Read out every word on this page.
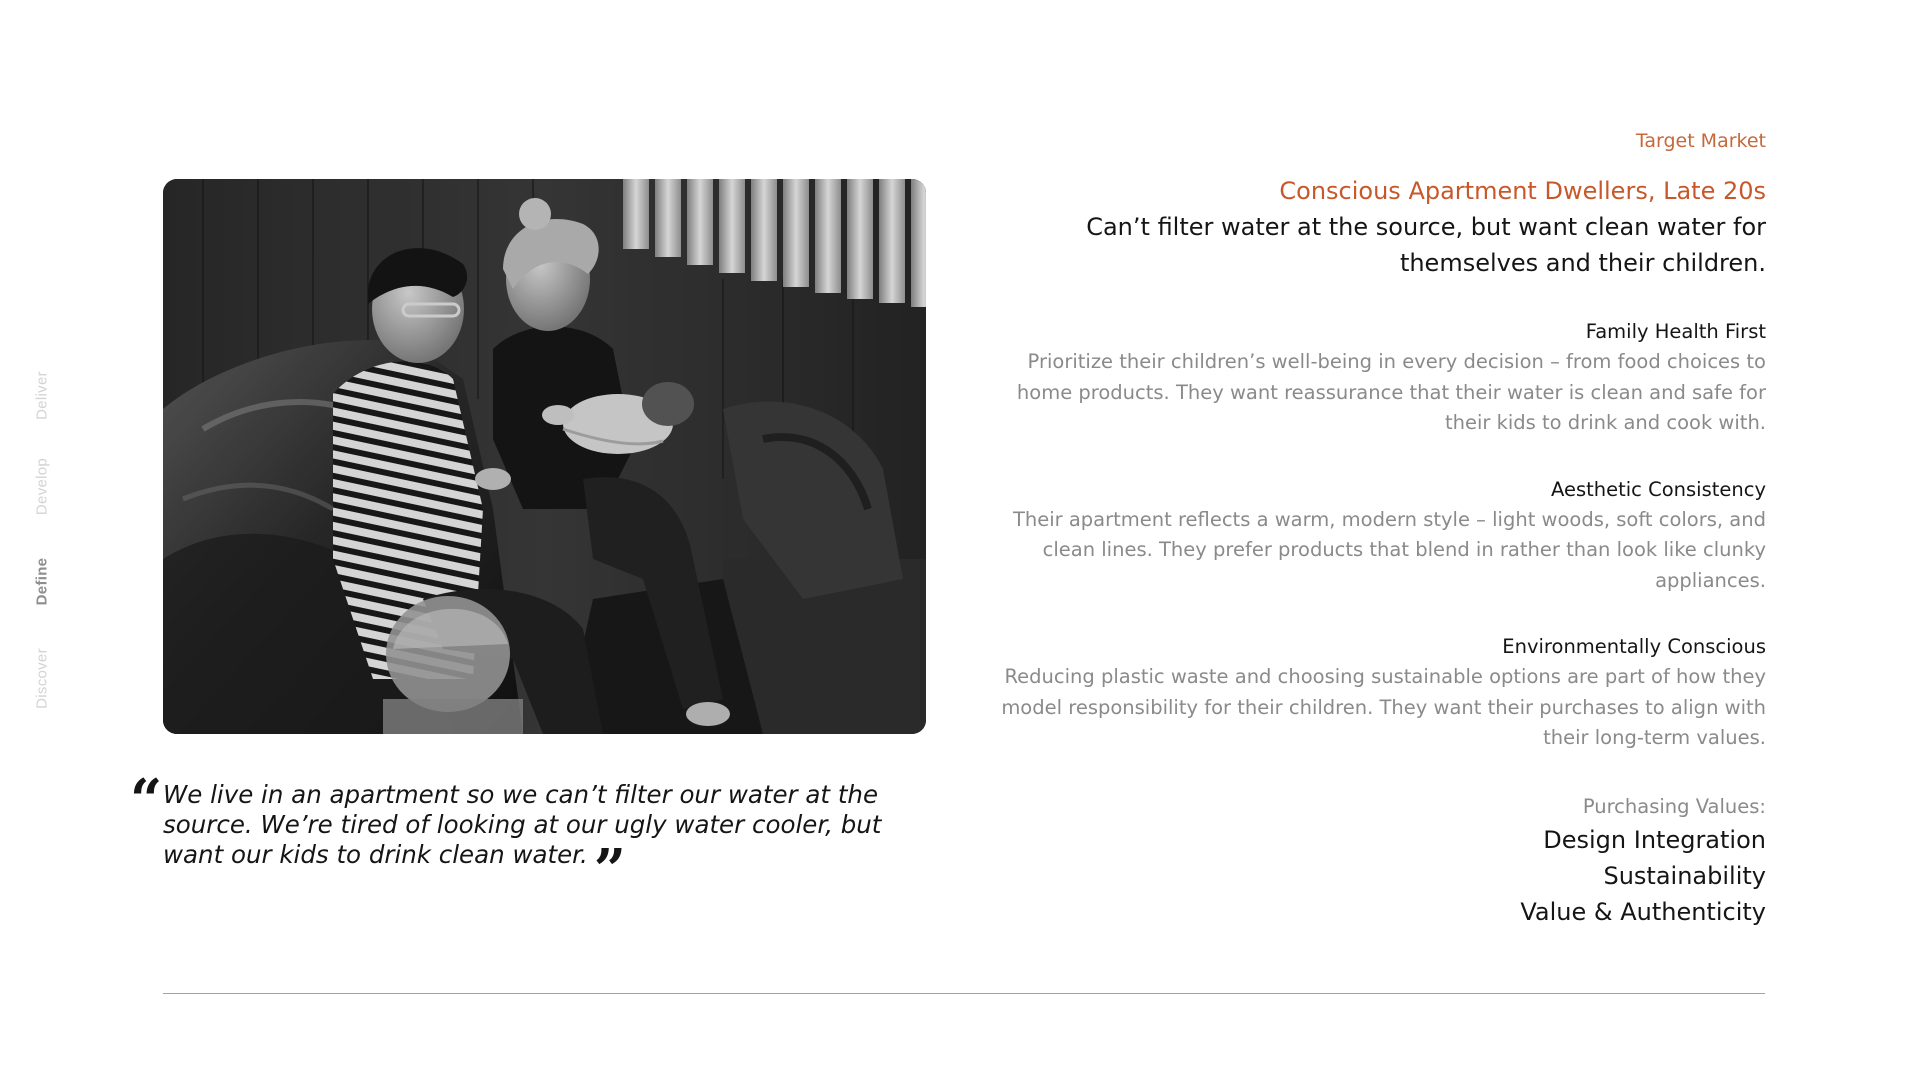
Deliver
Develop
Define
Discover
“ We live in an apartment so we can’t filter our water at the source. We’re tired of looking at our ugly water cooler, but want our kids to drink clean water. ”

Target Market

Conscious Apartment Dwellers, Late 20s

Can’t filter water at the source, but want clean water for themselves and their children.

Family Health First
Prioritize their children’s well-being in every decision – from food choices to home products. They want reassurance that their water is clean and safe for their kids to drink and cook with.
Aesthetic Consistency
Their apartment reflects a warm, modern style – light woods, soft colors, and clean lines. They prefer products that blend in rather than look like clunky appliances.
Environmentally Conscious
Reducing plastic waste and choosing sustainable options are part of how they model responsibility for their children. They want their purchases to align with their long-term values.
Purchasing Values:
Design Integration
Sustainability
Value & Authenticity
